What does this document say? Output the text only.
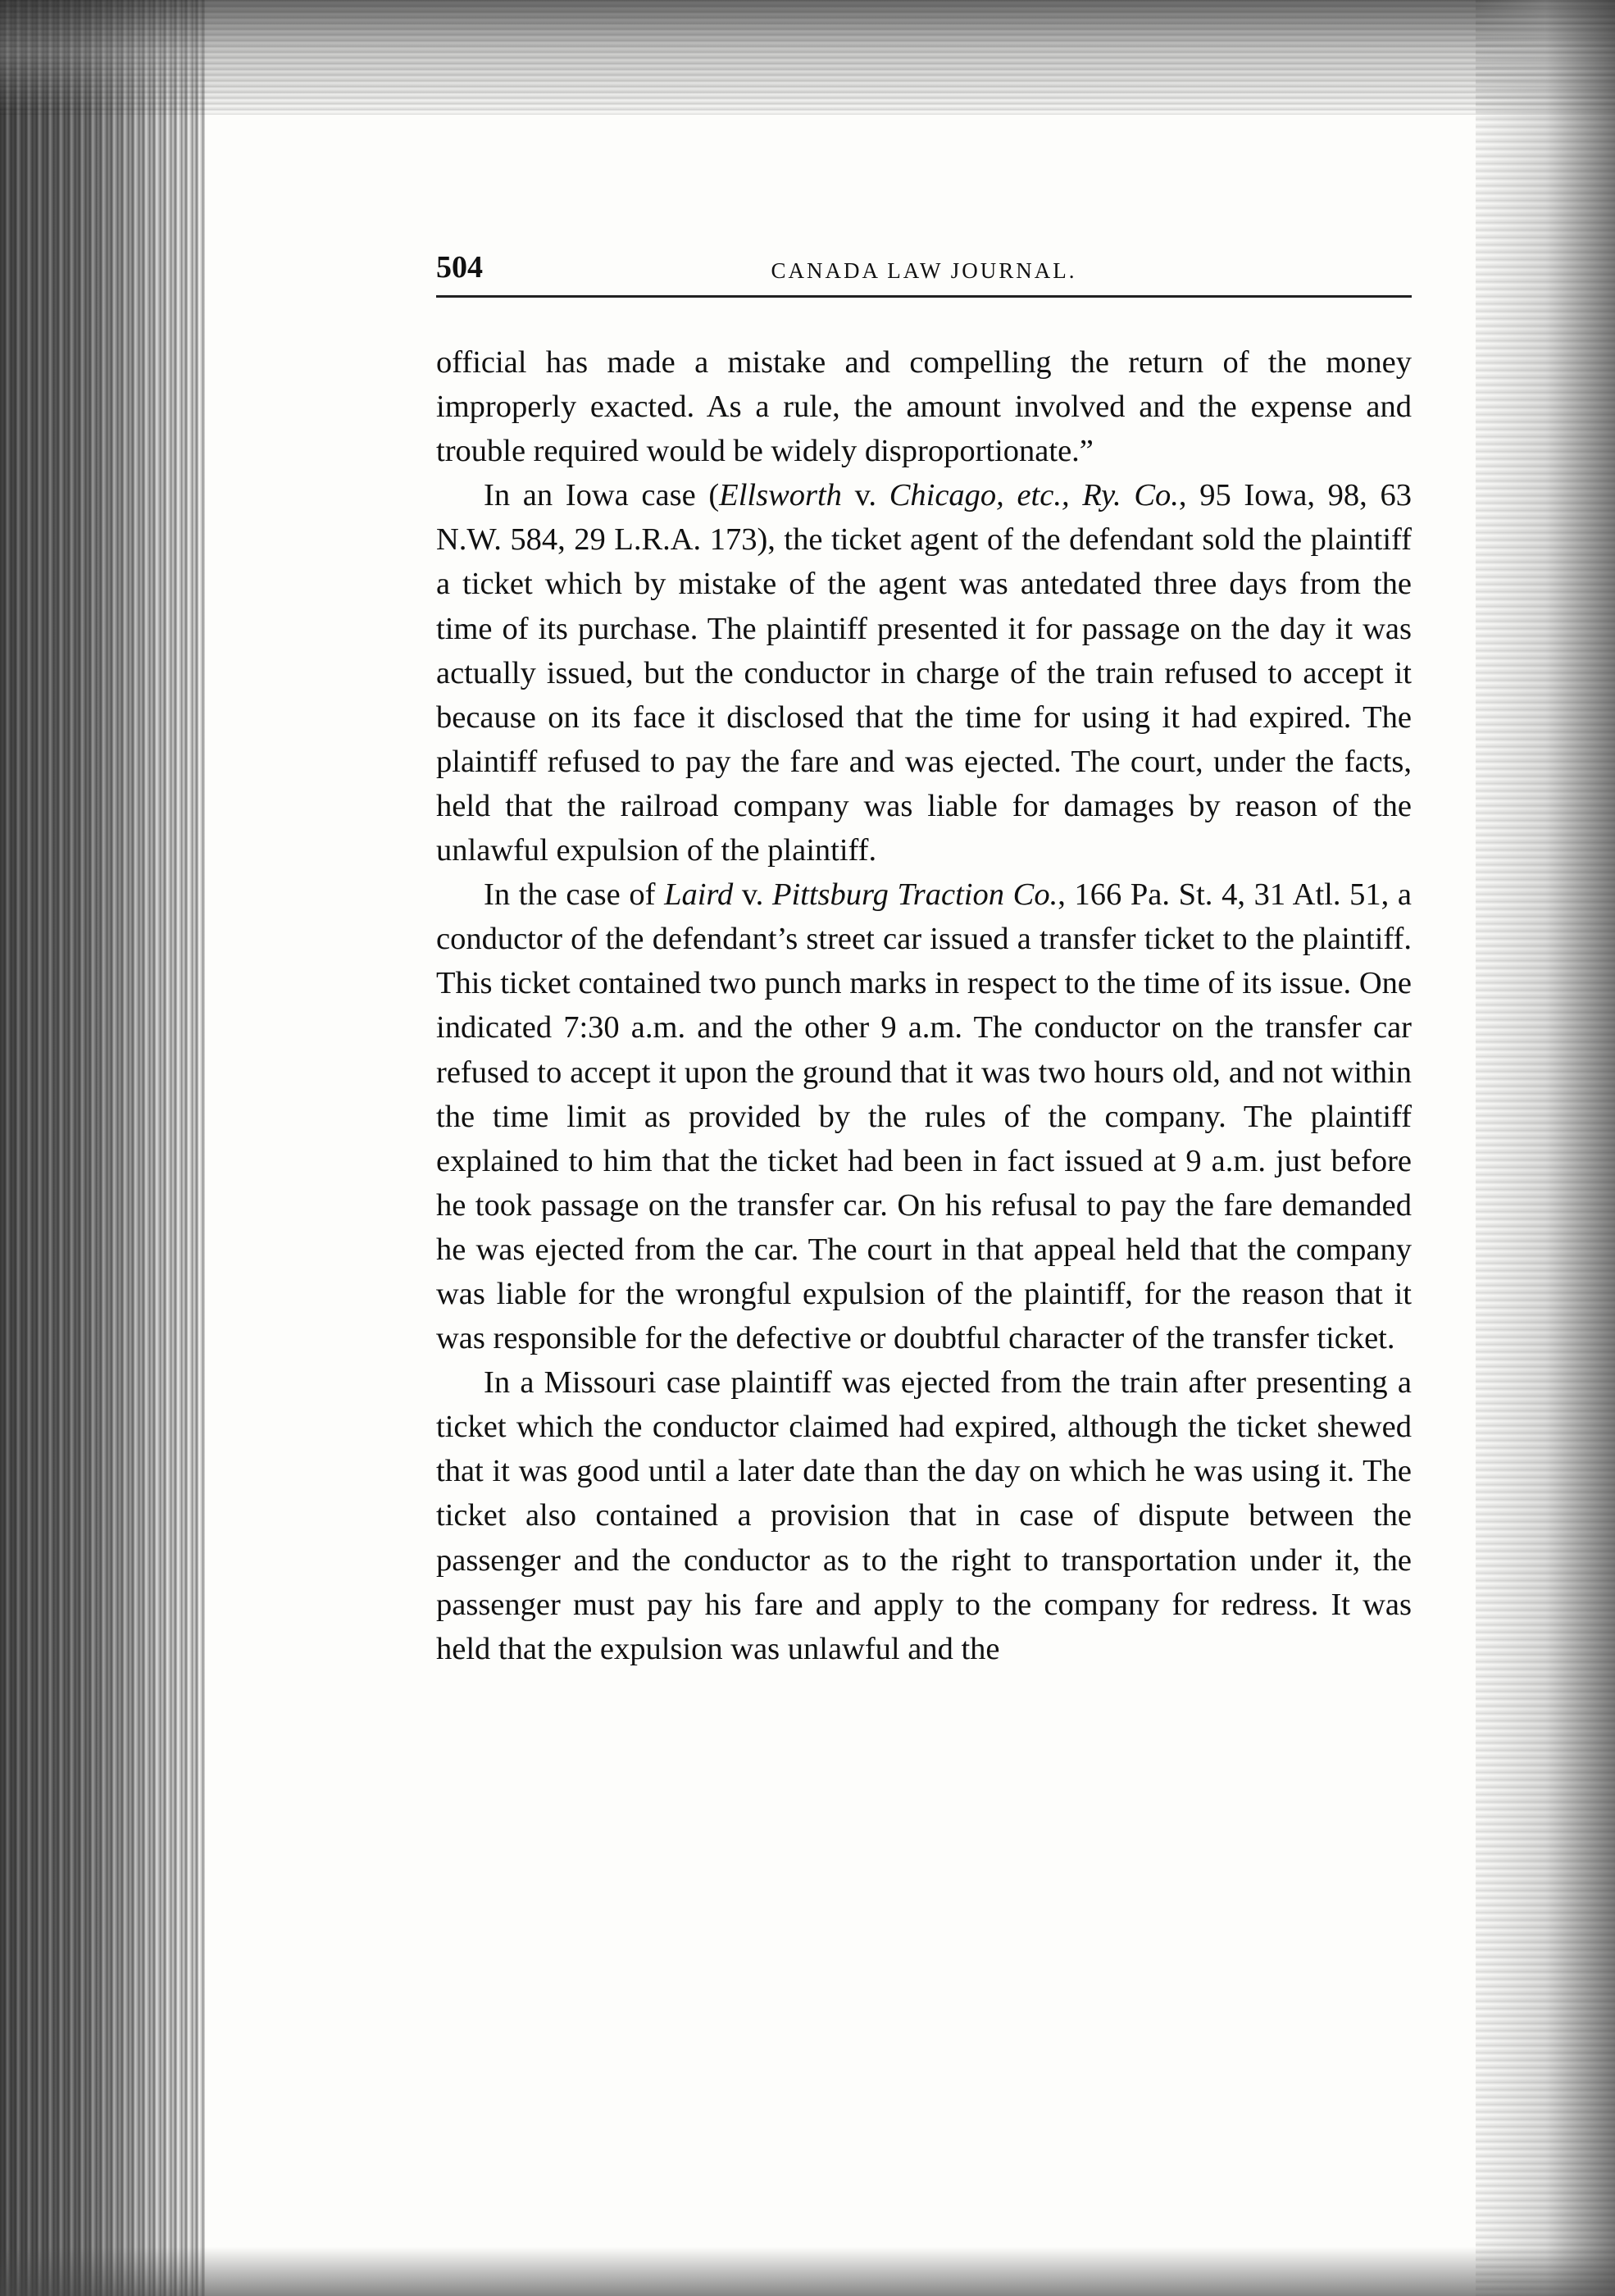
504	CANADA LAW JOURNAL.

official has made a mistake and compelling the return of the money improperly exacted. As a rule, the amount involved and the expense and trouble required would be widely disproportionate.”

In an Iowa case (Ellsworth v. Chicago, etc., Ry. Co., 95 Iowa, 98, 63 N.W. 584, 29 L.R.A. 173), the ticket agent of the defendant sold the plaintiff a ticket which by mistake of the agent was antedated three days from the time of its purchase. The plaintiff presented it for passage on the day it was actually issued, but the conductor in charge of the train refused to accept it because on its face it disclosed that the time for using it had expired. The plaintiff refused to pay the fare and was ejected. The court, under the facts, held that the railroad company was liable for damages by reason of the unlawful expulsion of the plaintiff.

In the case of Laird v. Pittsburg Traction Co., 166 Pa. St. 4, 31 Atl. 51, a conductor of the defendant’s street car issued a transfer ticket to the plaintiff. This ticket contained two punch marks in respect to the time of its issue. One indicated 7:30 a.m. and the other 9 a.m. The conductor on the transfer car refused to accept it upon the ground that it was two hours old, and not within the time limit as provided by the rules of the company. The plaintiff explained to him that the ticket had been in fact issued at 9 a.m. just before he took passage on the transfer car. On his refusal to pay the fare demanded he was ejected from the car. The court in that appeal held that the company was liable for the wrongful expulsion of the plaintiff, for the reason that it was responsible for the defective or doubtful character of the transfer ticket.

In a Missouri case plaintiff was ejected from the train after presenting a ticket which the conductor claimed had expired, although the ticket shewed that it was good until a later date than the day on which he was using it. The ticket also contained a provision that in case of dispute between the passenger and the conductor as to the right to transportation under it, the passenger must pay his fare and apply to the company for redress. It was held that the expulsion was unlawful and the
